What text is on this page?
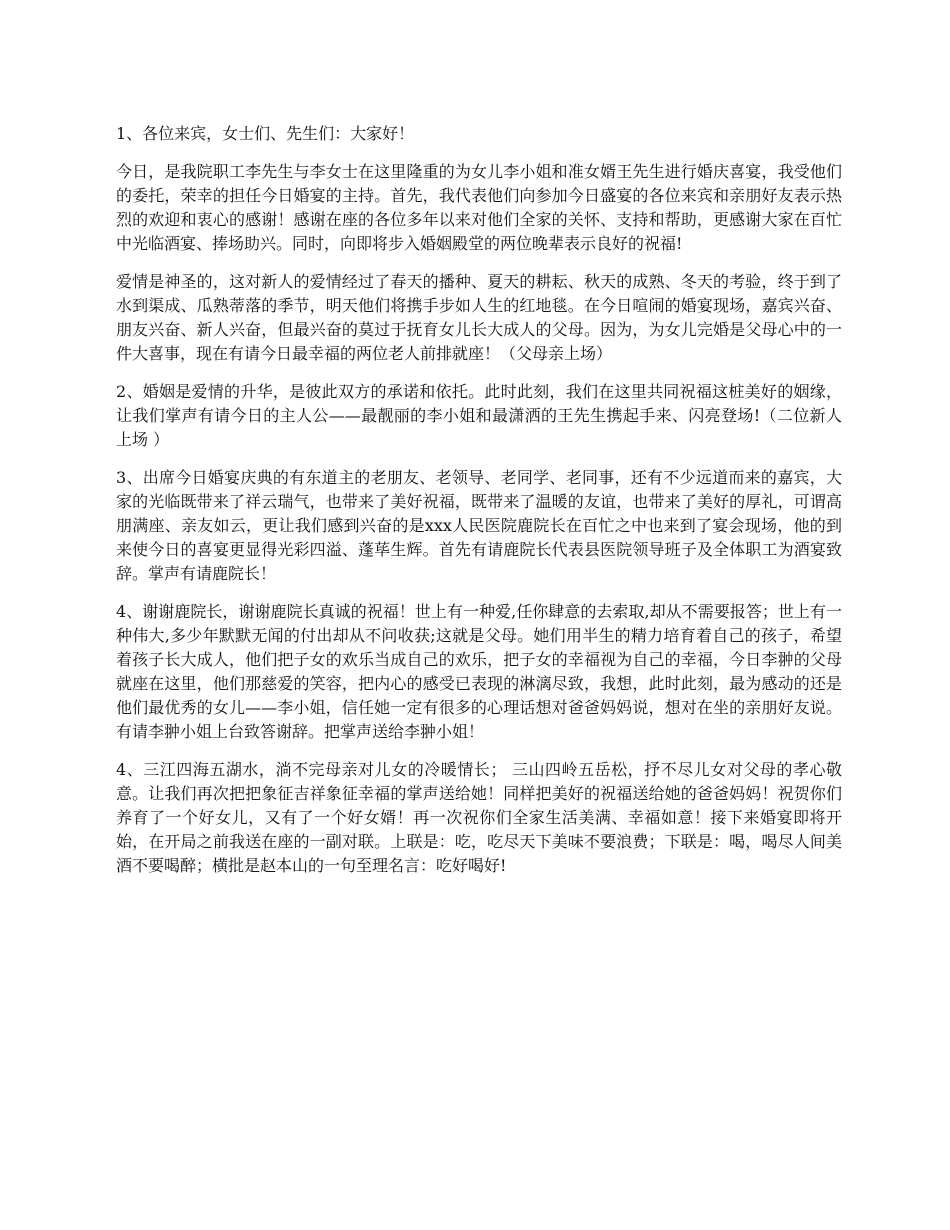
1、各位来宾，女士们、先生们：大家好！

今日，是我院职工李先生与李女士在这里隆重的为女儿李小姐和准女婿王先生进行婚庆喜宴，我受他们的委托，荣幸的担任今日婚宴的主持。首先，我代表他们向参加今日盛宴的各位来宾和亲朋好友表示热烈的欢迎和衷心的感谢！感谢在座的各位多年以来对他们全家的关怀、支持和帮助，更感谢大家在百忙中光临酒宴、捧场助兴。同时，向即将步入婚姻殿堂的两位晚辈表示良好的祝福!

爱情是神圣的，这对新人的爱情经过了春天的播种、夏天的耕耘、秋天的成熟、冬天的考验，终于到了水到渠成、瓜熟蒂落的季节，明天他们将携手步如人生的红地毯。在今日喧闹的婚宴现场，嘉宾兴奋、朋友兴奋、新人兴奋，但最兴奋的莫过于抚育女儿长大成人的父母。因为，为女儿完婚是父母心中的一件大喜事，现在有请今日最幸福的两位老人前排就座！（父母亲上场）

2、婚姻是爱情的升华，是彼此双方的承诺和依托。此时此刻，我们在这里共同祝福这桩美好的姻缘，让我们掌声有请今日的主人公——最靓丽的李小姐和最潇洒的王先生携起手来、闪亮登场!（二位新人上场 ）

3、出席今日婚宴庆典的有东道主的老朋友、老领导、老同学、老同事，还有不少远道而来的嘉宾，大家的光临既带来了祥云瑞气，也带来了美好祝福，既带来了温暖的友谊，也带来了美好的厚礼，可谓高朋满座、亲友如云，更让我们感到兴奋的是xxx人民医院鹿院长在百忙之中也来到了宴会现场，他的到来使今日的喜宴更显得光彩四溢、蓬荜生辉。首先有请鹿院长代表县医院领导班子及全体职工为酒宴致辞。掌声有请鹿院长！

4、谢谢鹿院长，谢谢鹿院长真诚的祝福！世上有一种爱,任你肆意的去索取,却从不需要报答；世上有一种伟大,多少年默默无闻的付出却从不问收获;这就是父母。她们用半生的精力培育着自己的孩子，希望着孩子长大成人，他们把子女的欢乐当成自己的欢乐，把子女的幸福视为自己的幸福，今日李翀的父母就座在这里，他们那慈爱的笑容，把内心的感受已表现的淋漓尽致，我想，此时此刻，最为感动的还是他们最优秀的女儿——李小姐，信任她一定有很多的心理话想对爸爸妈妈说，想对在坐的亲朋好友说。有请李翀小姐上台致答谢辞。把掌声送给李翀小姐！

4、三江四海五湖水，淌不完母亲对儿女的冷暖情长； 三山四岭五岳松，抒不尽儿女对父母的孝心敬意。让我们再次把把象征吉祥象征幸福的掌声送给她！同样把美好的祝福送给她的爸爸妈妈！祝贺你们养育了一个好女儿，又有了一个好女婿！再一次祝你们全家生活美满、幸福如意！接下来婚宴即将开始，在开局之前我送在座的一副对联。上联是：吃，吃尽天下美味不要浪费；下联是：喝，喝尽人间美酒不要喝醉；横批是赵本山的一句至理名言：吃好喝好!
